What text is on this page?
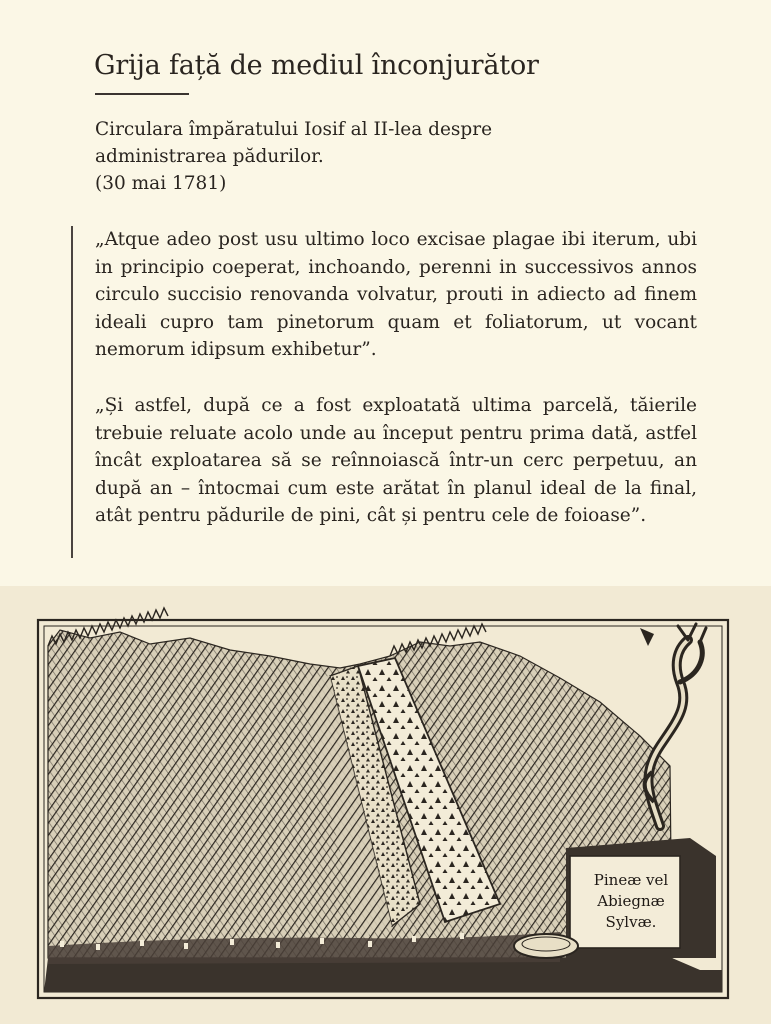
Grija față de mediul înconjurător

Circulara împăratului Iosif al II-lea despre
administrarea pădurilor.
(30 mai 1781)

„Atque adeo post usu ultimo loco excisae plagae ibi iterum, ubi in principio coeperat, inchoando, perenni in successivos annos circulo succisio renovanda volvatur, prouti in adiecto ad finem ideali cupro tam pinetorum quam et foliatorum, ut vocant nemorum idipsum exhibetur”.

„Și astfel, după ce a fost exploatată ultima parcelă, tăierile trebuie reluate acolo unde au început pentru prima dată, astfel încât exploatarea să se reînnoiască într-un cerc perpetuu, an după an – întocmai cum este arătat în planul ideal de la final, atât pentru pădurile de pini, cât și pentru cele de foioase”.

Pineæ vel
Abiegnæ
Sylvæ.
